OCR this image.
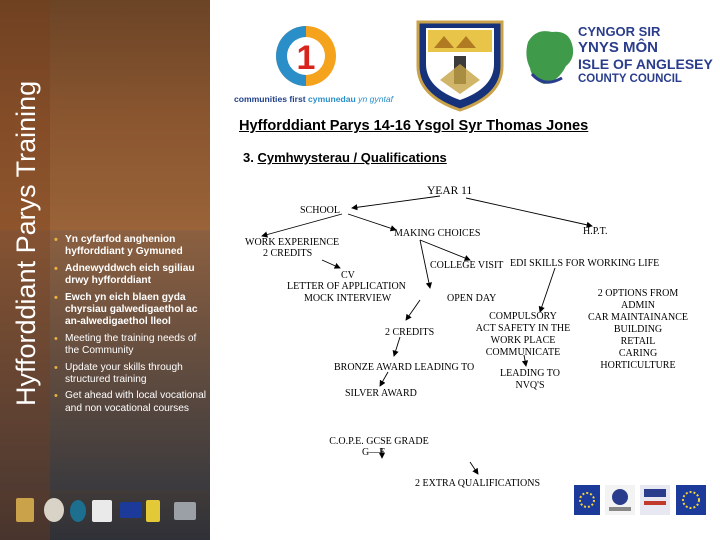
Hyfforddiant Parys Training • Yn cyfarfod anghenion hyfforddiant y Gymuned
• Adnewyddwch eich sgiliau drwy hyfforddiant
• Ewch yn eich blaen gyda chyrsiau galwedigaethol ac an-alwedigaethol lleol
• Meeting the training needs of the Community
• Update your skills through structured training
• Get ahead with local vocational and non vocational courses
1
communities first cymunedau yn gyntaf
CYNGOR SIR
YNYS MÔN
ISLE OF ANGLESEY
COUNTY COUNCIL
Hyfforddiant Parys 14-16 Ysgol Syr Thomas Jones
3. Cymhwysterau / Qualifications
YEAR 11
SCHOOL
MAKING CHOICES	H.P.T.
WORK EXPERIENCE
2 CREDITS
COLLEGE VISIT EDI SKILLS FOR WORKING LIFE
CV
LETTER OF APPLICATION
MOCK INTERVIEW	OPEN DAY	2 OPTIONS FROM
ADMIN
CAR MAINTAINANCE
BUILDING
RETAIL
CARING
HORTICULTURE
COMPULSORY
ACT SAFETY IN THE
WORK PLACE
COMMUNICATE
2 CREDITS
BRONZE AWARD LEADING TO
LEADING TO
NVQ'S
SILVER AWARD
C.O.P.E. GCSE GRADE
G—F
2 EXTRA QUALIFICATIONS
